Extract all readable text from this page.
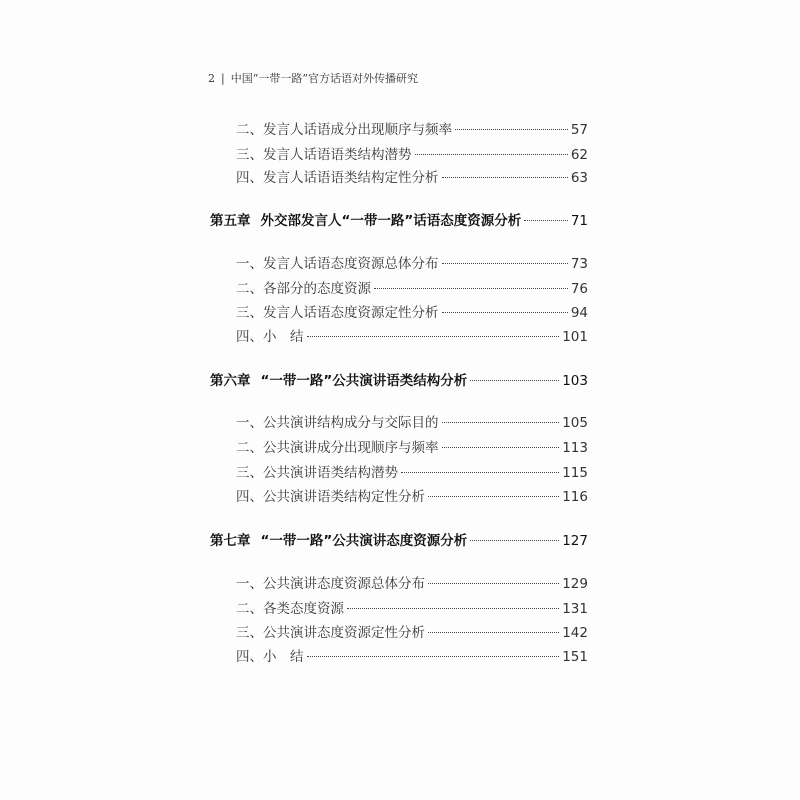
2 | 中国“一带一路”官方话语对外传播研究
二、发言人话语成分出现顺序与频率	57
三、发言人话语语类结构潜势	62
四、发言人话语语类结构定性分析	63
第五章 外交部发言人“一带一路”话语态度资源分析	71
一、发言人话语态度资源总体分布	73
二、各部分的态度资源	76
三、发言人话语态度资源定性分析	94
四、小　结	101
第六章 “一带一路”公共演讲语类结构分析	103
一、公共演讲结构成分与交际目的	105
二、公共演讲成分出现顺序与频率	113
三、公共演讲语类结构潜势	115
四、公共演讲语类结构定性分析	116
第七章 “一带一路”公共演讲态度资源分析	127
一、公共演讲态度资源总体分布	129
二、各类态度资源	131
三、公共演讲态度资源定性分析	142
四、小　结	151
